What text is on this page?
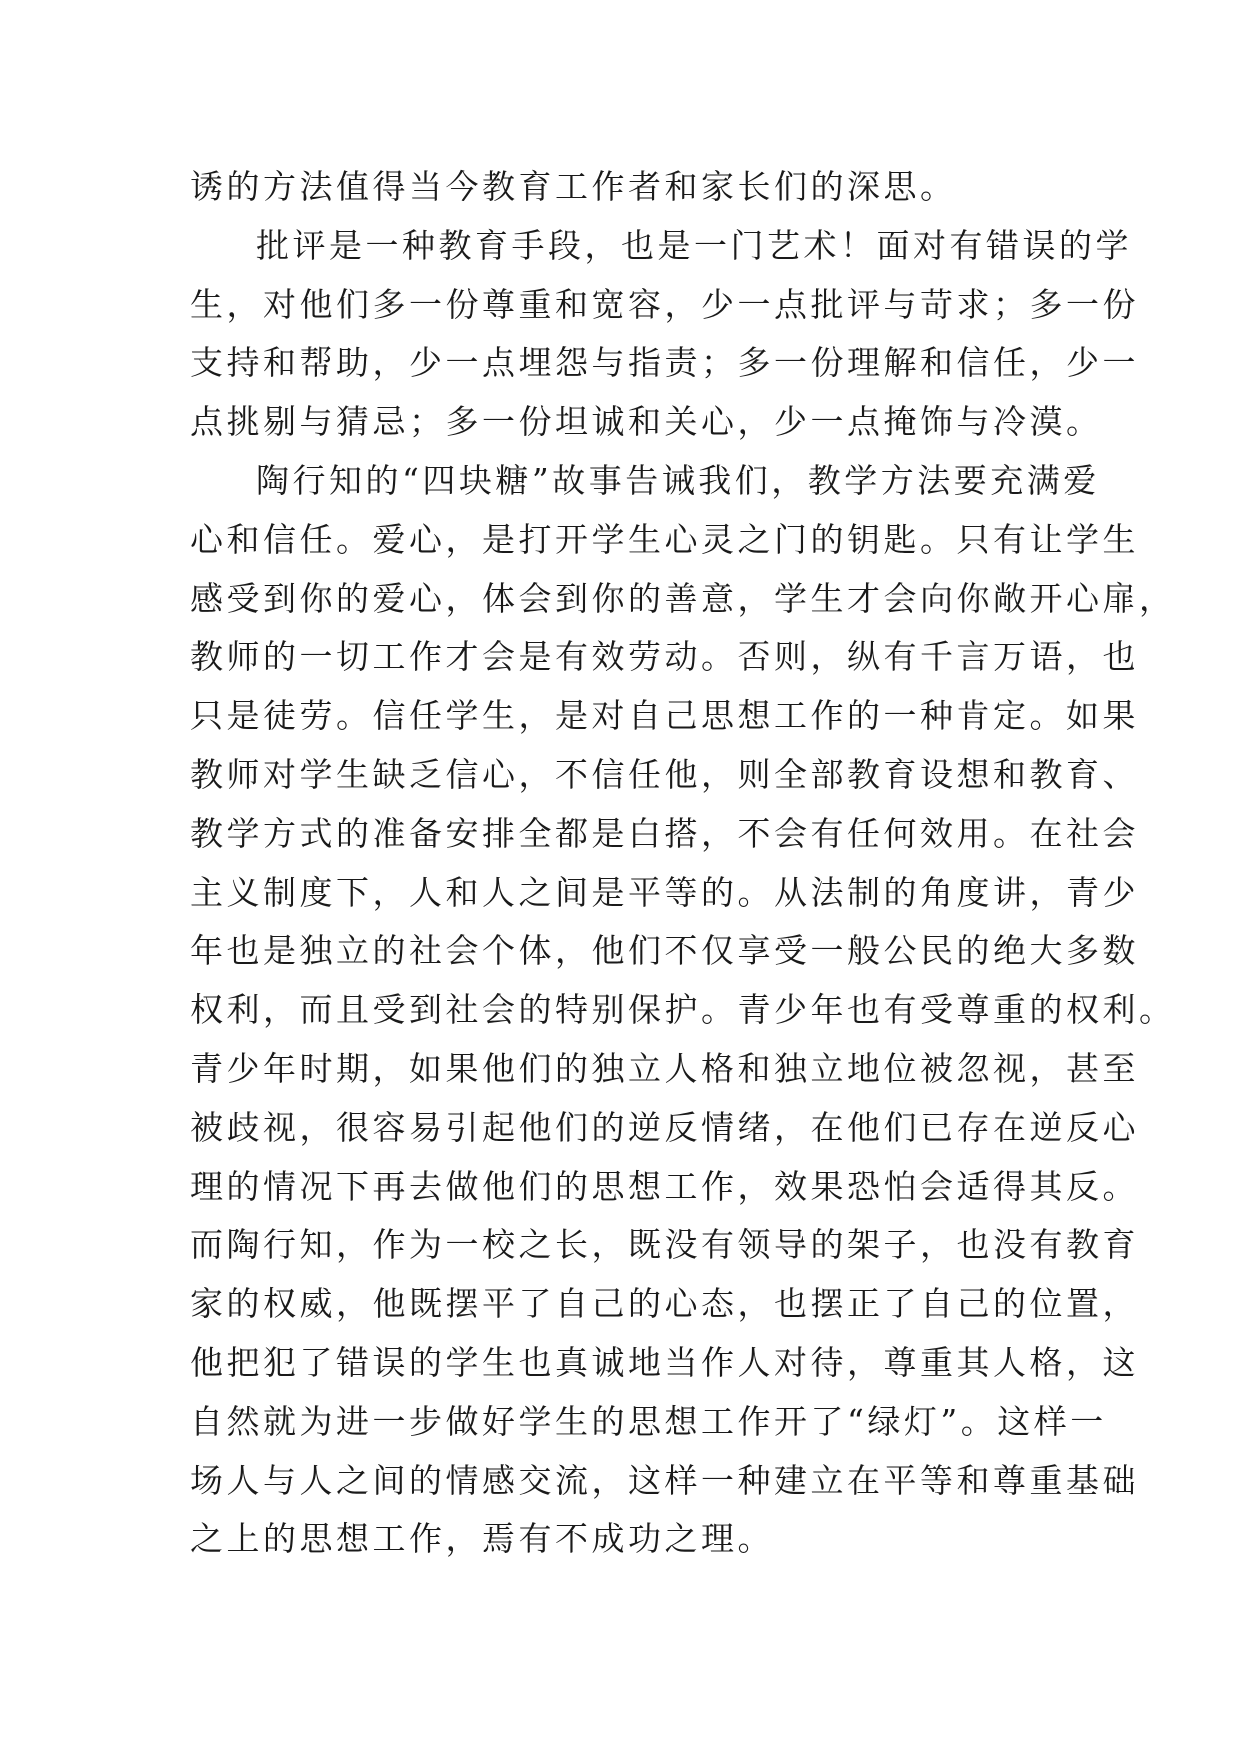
诱的方法值得当今教育工作者和家长们的深思。
批评是一种教育手段，也是一门艺术！面对有错误的学
生，对他们多一份尊重和宽容，少一点批评与苛求；多一份
支持和帮助，少一点埋怨与指责；多一份理解和信任，少一
点挑剔与猜忌；多一份坦诚和关心，少一点掩饰与冷漠。
陶行知的“四块糖”故事告诫我们，教学方法要充满爱
心和信任。爱心，是打开学生心灵之门的钥匙。只有让学生
感受到你的爱心，体会到你的善意，学生才会向你敞开心扉，
教师的一切工作才会是有效劳动。否则，纵有千言万语，也
只是徒劳。信任学生，是对自己思想工作的一种肯定。如果
教师对学生缺乏信心，不信任他，则全部教育设想和教育、
教学方式的准备安排全都是白搭，不会有任何效用。在社会
主义制度下，人和人之间是平等的。从法制的角度讲，青少
年也是独立的社会个体，他们不仅享受一般公民的绝大多数
权利，而且受到社会的特别保护。青少年也有受尊重的权利。
青少年时期，如果他们的独立人格和独立地位被忽视，甚至
被歧视，很容易引起他们的逆反情绪，在他们已存在逆反心
理的情况下再去做他们的思想工作，效果恐怕会适得其反。
而陶行知，作为一校之长，既没有领导的架子，也没有教育
家的权威，他既摆平了自己的心态，也摆正了自己的位置，
他把犯了错误的学生也真诚地当作人对待，尊重其人格，这
自然就为进一步做好学生的思想工作开了“绿灯”。这样一
场人与人之间的情感交流，这样一种建立在平等和尊重基础
之上的思想工作，焉有不成功之理。
